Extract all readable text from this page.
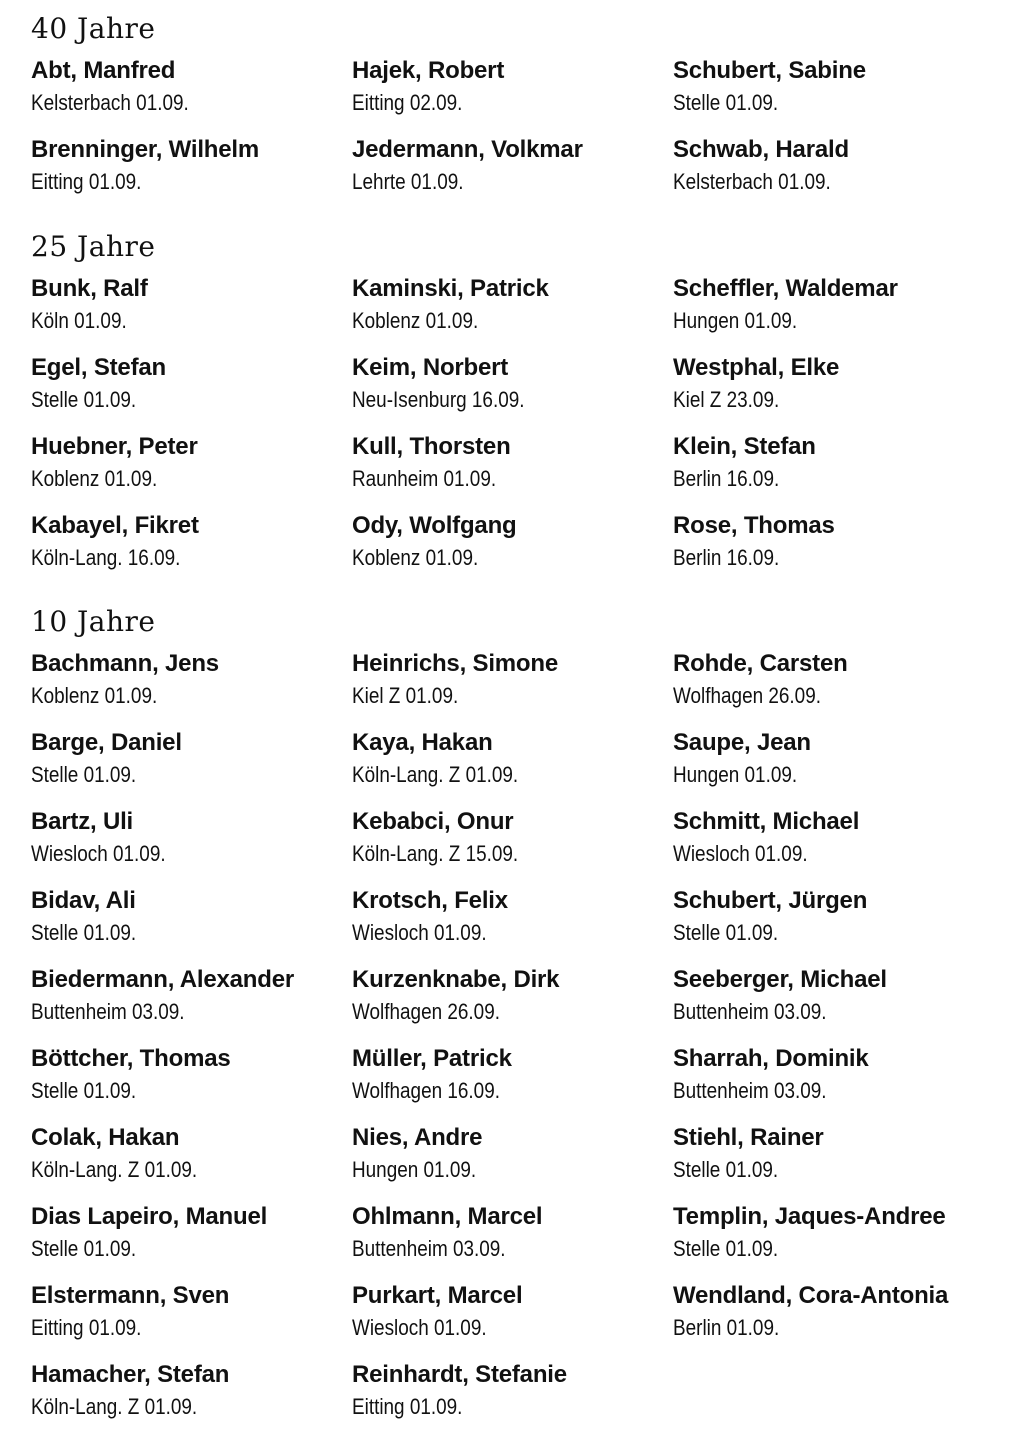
40 Jahre
Abt, Manfred
Kelsterbach 01.09.
Brenninger, Wilhelm
Eitting 01.09.
Hajek, Robert
Eitting 02.09.
Jedermann, Volkmar
Lehrte 01.09.
Schubert, Sabine
Stelle 01.09.
Schwab, Harald
Kelsterbach 01.09.
25 Jahre
Bunk, Ralf
Köln 01.09.
Egel, Stefan
Stelle 01.09.
Huebner, Peter
Koblenz 01.09.
Kabayel, Fikret
Köln-Lang. 16.09.
Kaminski, Patrick
Koblenz 01.09.
Keim, Norbert
Neu-Isenburg 16.09.
Kull, Thorsten
Raunheim 01.09.
Ody, Wolfgang
Koblenz 01.09.
Scheffler, Waldemar
Hungen 01.09.
Westphal, Elke
Kiel Z 23.09.
Klein, Stefan
Berlin 16.09.
Rose, Thomas
Berlin 16.09.
10 Jahre
Bachmann, Jens
Koblenz 01.09.
Barge, Daniel
Stelle 01.09.
Bartz, Uli
Wiesloch 01.09.
Bidav, Ali
Stelle 01.09.
Biedermann, Alexander
Buttenheim 03.09.
Böttcher, Thomas
Stelle 01.09.
Colak, Hakan
Köln-Lang. Z 01.09.
Dias Lapeiro, Manuel
Stelle 01.09.
Elstermann, Sven
Eitting 01.09.
Hamacher, Stefan
Köln-Lang. Z 01.09.
Heinrichs, Simone
Kiel Z 01.09.
Kaya, Hakan
Köln-Lang. Z 01.09.
Kebabci, Onur
Köln-Lang. Z 15.09.
Krotsch, Felix
Wiesloch 01.09.
Kurzenknabe, Dirk
Wolfhagen 26.09.
Müller, Patrick
Wolfhagen 16.09.
Nies, Andre
Hungen 01.09.
Ohlmann, Marcel
Buttenheim 03.09.
Purkart, Marcel
Wiesloch 01.09.
Reinhardt, Stefanie
Eitting 01.09.
Rohde, Carsten
Wolfhagen 26.09.
Saupe, Jean
Hungen 01.09.
Schmitt, Michael
Wiesloch 01.09.
Schubert, Jürgen
Stelle 01.09.
Seeberger, Michael
Buttenheim 03.09.
Sharrah, Dominik
Buttenheim 03.09.
Stiehl, Rainer
Stelle 01.09.
Templin, Jaques-Andree
Stelle 01.09.
Wendland, Cora-Antonia
Berlin 01.09.
